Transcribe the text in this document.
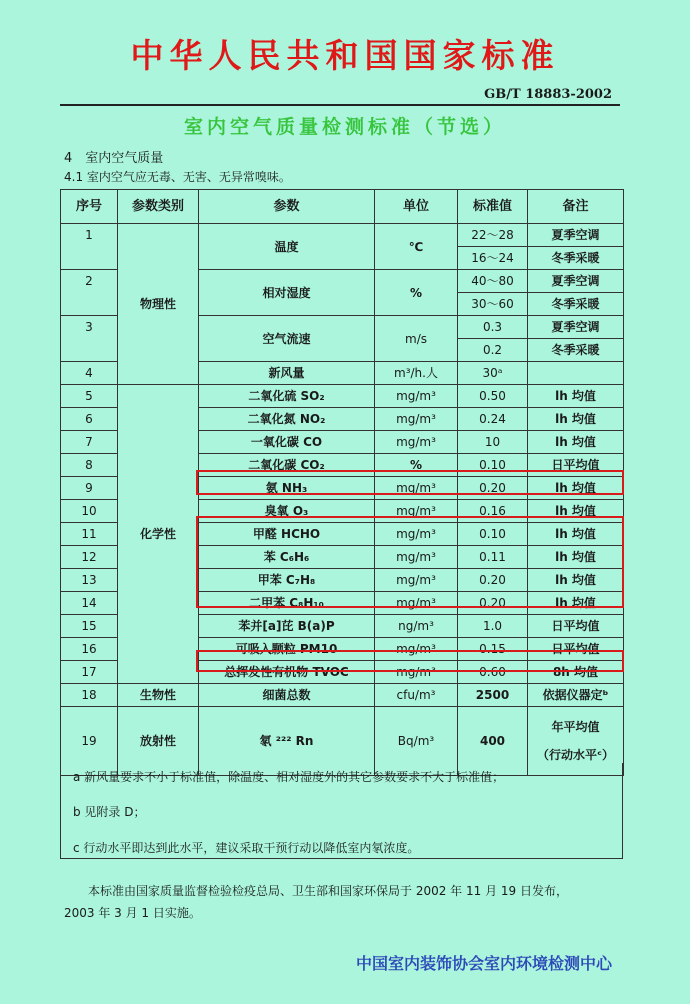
中华人民共和国国家标准
GB/T 18883-2002
室内空气质量检测标准（节选）
4　室内空气质量
4.1 室内空气应无毒、无害、无异常嗅味。
序号	参数类别	参数	单位	标准值	备注
1	物理性	温度	℃	22～28	夏季空调
				16～24	冬季采暖
2		相对湿度	%	40～80	夏季空调
				30～60	冬季采暖
3		空气流速	m/s	0.3	夏季空调
				0.2	冬季采暖
4		新风量	m³/h.人	30ᵃ	
5	化学性	二氧化硫 SO₂	mg/m³	0.50	lh 均值
6		二氧化氮 NO₂	mg/m³	0.24	lh 均值
7		一氧化碳 CO	mg/m³	10	lh 均值
8		二氧化碳 CO₂	%	0.10	日平均值
9		氨 NH₃	mg/m³	0.20	lh 均值
10		臭氧 O₃	mg/m³	0.16	lh 均值
11		甲醛 HCHO	mg/m³	0.10	lh 均值
12		苯 C₆H₆	mg/m³	0.11	lh 均值
13		甲苯 C₇H₈	mg/m³	0.20	lh 均值
14		二甲苯 C₈H₁₀	mg/m³	0.20	lh 均值
15		苯并[a]芘 B(a)P	ng/m³	1.0	日平均值
16		可吸入颗粒 PM10	mg/m³	0.15	日平均值
17		总挥发性有机物 TVOC	mg/m³	0.60	8h 均值
18	生物性	细菌总数	cfu/m³	2500	依据仪器定ᵇ
19	放射性	氡 ²²² Rn	Bq/m³	400	年平均值
（行动水平ᶜ）
a 新风量要求不小于标准值，除温度、相对湿度外的其它参数要求不大于标准值；
b 见附录 D；
c 行动水平即达到此水平，建议采取干预行动以降低室内氡浓度。
本标准由国家质量监督检验检疫总局、卫生部和国家环保局于 2002 年 11 月 19 日发布，
2003 年 3 月 1 日实施。
中国室内装饰协会室内环境检测中心
